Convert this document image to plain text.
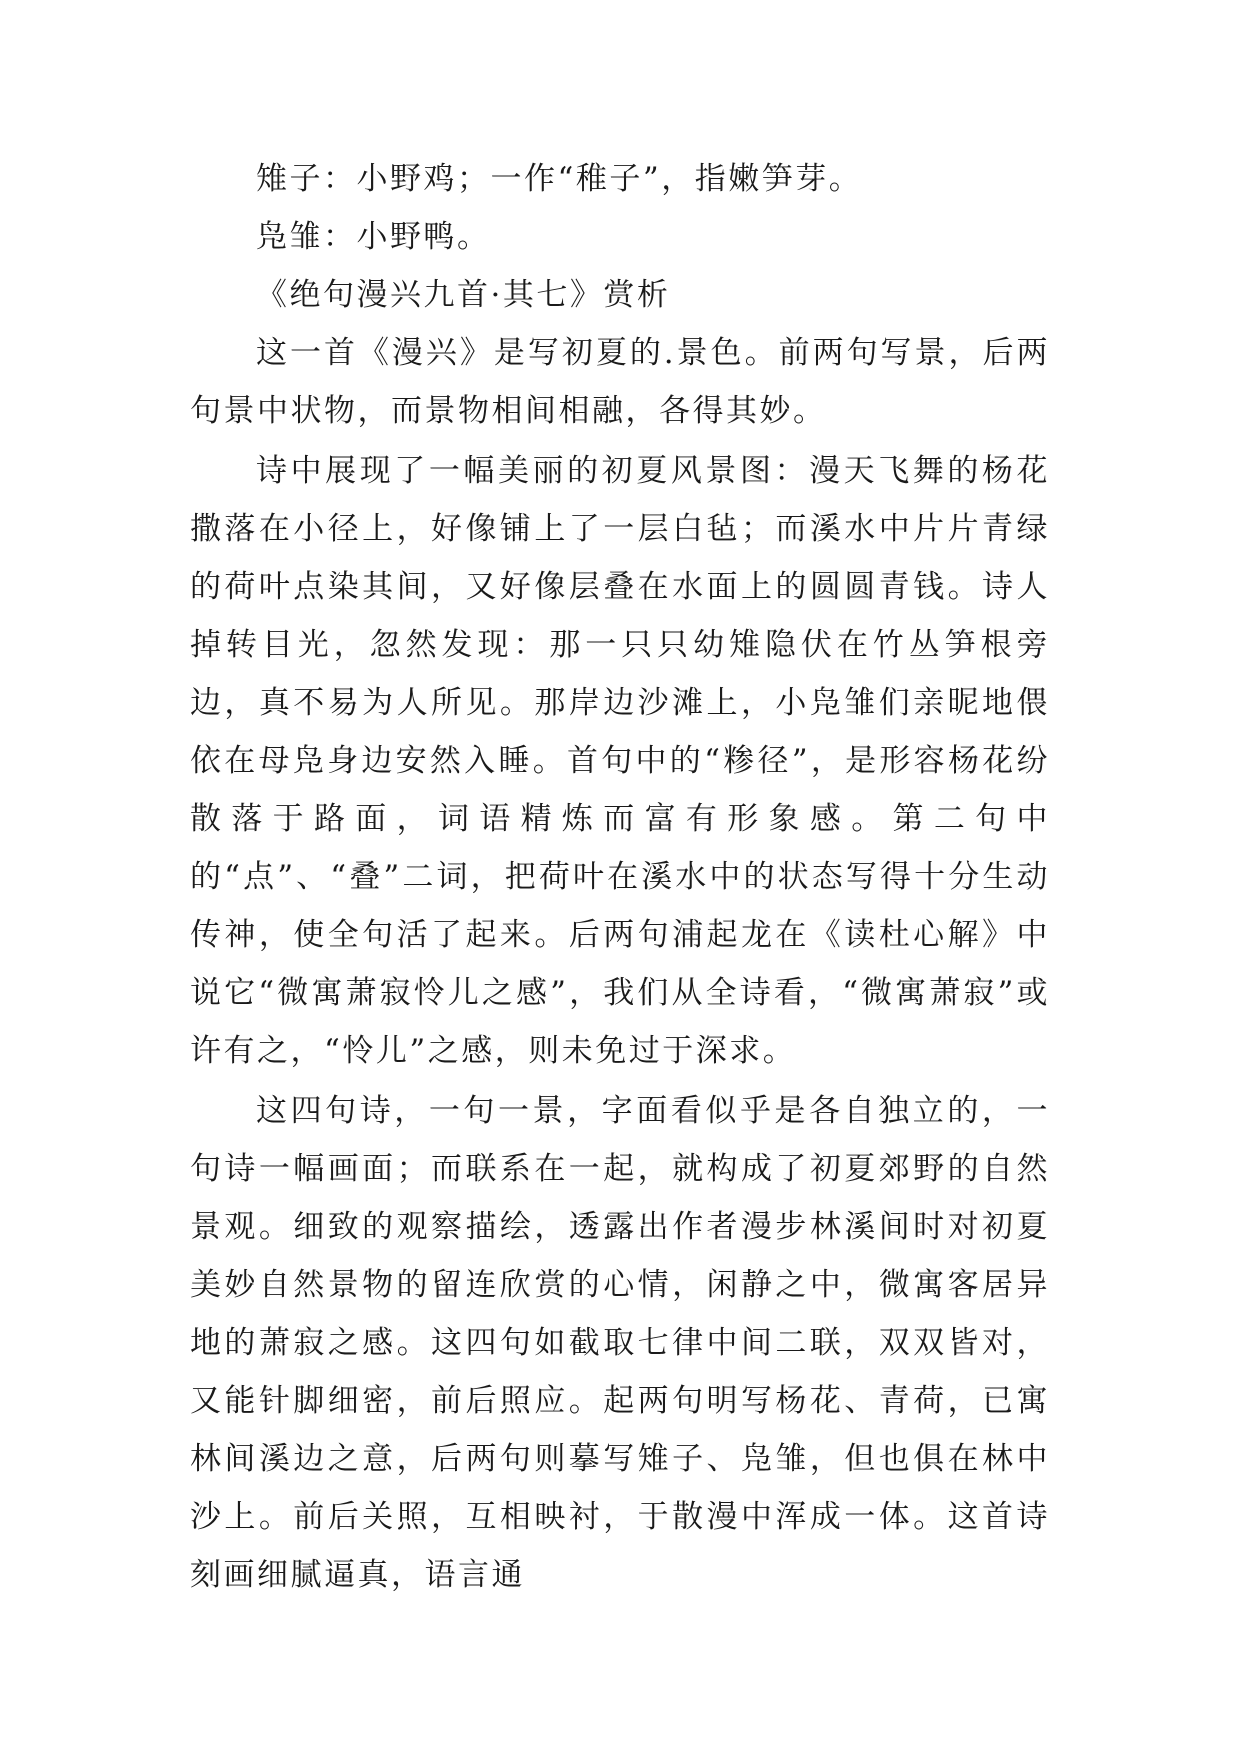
雉子：小野鸡；一作“稚子”，指嫩笋芽。

凫雏：小野鸭。

《绝句漫兴九首·其七》赏析

这一首《漫兴》是写初夏的.景色。前两句写景，后两句景中状物，而景物相间相融，各得其妙。

诗中展现了一幅美丽的初夏风景图：漫天飞舞的杨花撒落在小径上，好像铺上了一层白毡；而溪水中片片青绿的荷叶点染其间，又好像层叠在水面上的圆圆青钱。诗人掉转目光，忽然发现：那一只只幼雉隐伏在竹丛笋根旁边，真不易为人所见。那岸边沙滩上，小凫雏们亲昵地偎依在母凫身边安然入睡。首句中的“糁径”，是形容杨花纷散落于路面，词语精炼而富有形象感。第二句中的“点”、“叠”二词，把荷叶在溪水中的状态写得十分生动传神，使全句活了起来。后两句浦起龙在《读杜心解》中说它“微寓萧寂怜儿之感”，我们从全诗看，“微寓萧寂”或许有之，“怜儿”之感，则未免过于深求。

这四句诗，一句一景，字面看似乎是各自独立的，一句诗一幅画面；而联系在一起，就构成了初夏郊野的自然景观。细致的观察描绘，透露出作者漫步林溪间时对初夏美妙自然景物的留连欣赏的心情，闲静之中，微寓客居异地的萧寂之感。这四句如截取七律中间二联，双双皆对，又能针脚细密，前后照应。起两句明写杨花、青荷，已寓林间溪边之意，后两句则摹写雉子、凫雏，但也俱在林中沙上。前后关照，互相映衬，于散漫中浑成一体。这首诗刻画细腻逼真，语言通
